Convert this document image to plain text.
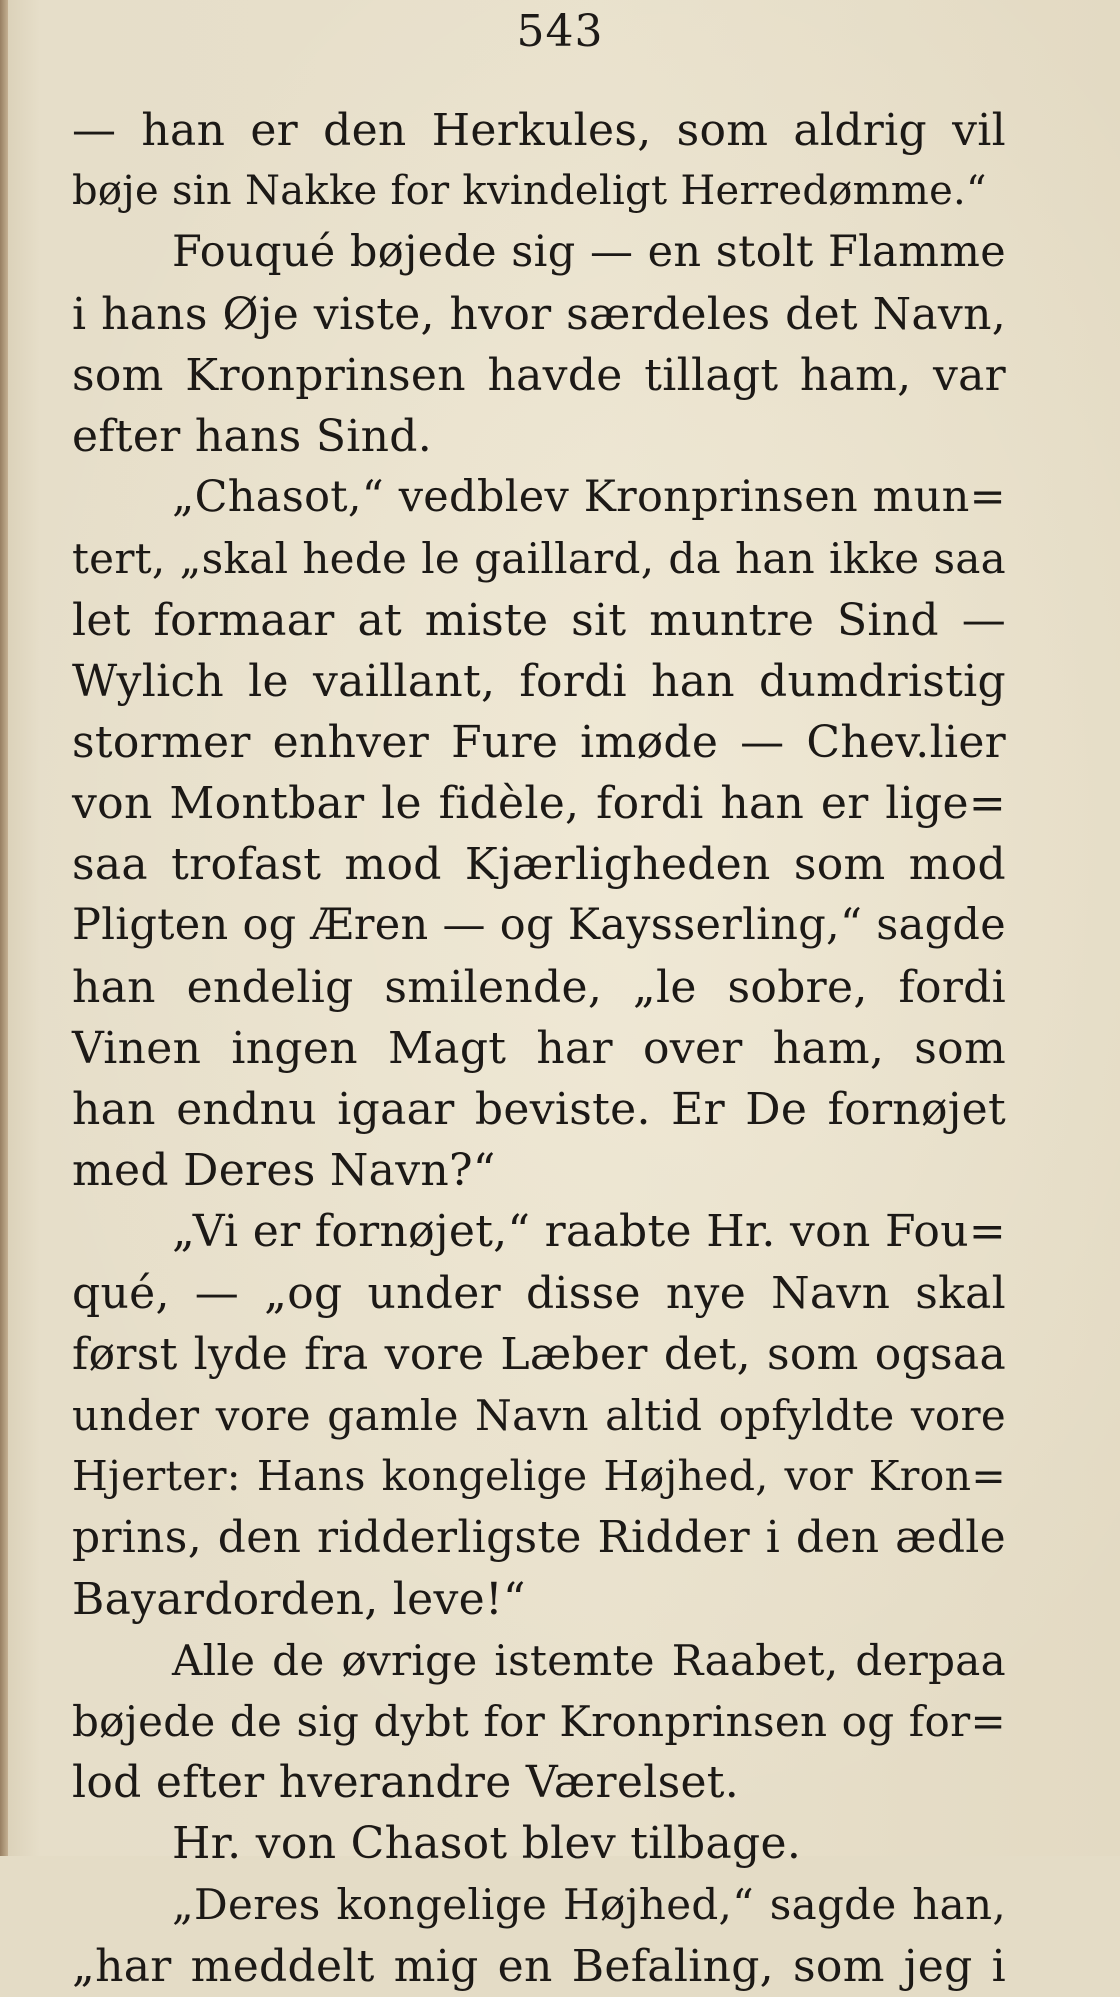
543
— han er den Herkules, som aldrig vil
bøje sin Nakke for kvindeligt Herredømme.“
Fouqué bøjede sig — en stolt Flamme
i hans Øje viste, hvor særdeles det Navn,
som Kronprinsen havde tillagt ham, var
efter hans Sind.
„Chasot,“ vedblev Kronprinsen mun=
tert, „skal hede le gaillard, da han ikke saa
let formaar at miste sit muntre Sind —
Wylich le vaillant, fordi han dumdristig
stormer enhver Fure imøde — Chev.lier
von Montbar le fidèle, fordi han er lige=
saa trofast mod Kjærligheden som mod
Pligten og Æren — og Kaysserling,“ sagde
han endelig smilende, „le sobre, fordi
Vinen ingen Magt har over ham, som
han endnu igaar beviste. Er De fornøjet
med Deres Navn?“
„Vi er fornøjet,“ raabte Hr. von Fou=
qué, — „og under disse nye Navn skal
først lyde fra vore Læber det, som ogsaa
under vore gamle Navn altid opfyldte vore
Hjerter: Hans kongelige Højhed, vor Kron=
prins, den ridderligste Ridder i den ædle
Bayardorden, leve!“
Alle de øvrige istemte Raabet, derpaa
bøjede de sig dybt for Kronprinsen og for=
lod efter hverandre Værelset.
Hr. von Chasot blev tilbage.
„Deres kongelige Højhed,“ sagde han,
„har meddelt mig en Befaling, som jeg i
